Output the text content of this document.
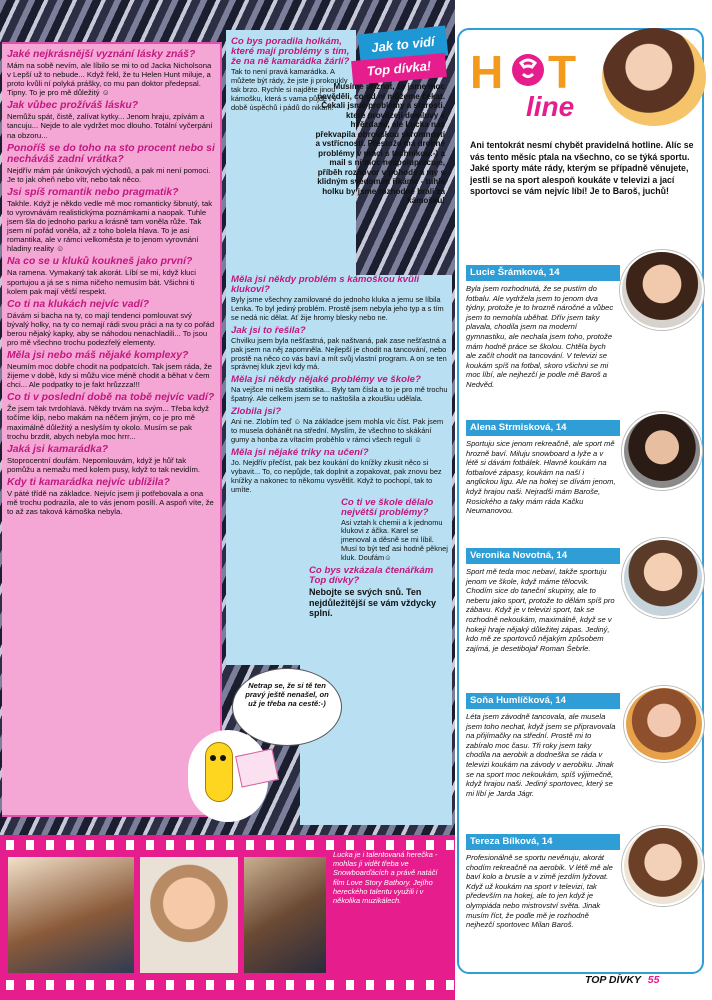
Jaké nejkrásnější vyznání lásky znáš?
Mám na sobě nevím, ale líbilo se mi to od Jacka Nicholsona v Lepší už to nebude... Když řekl, že tu Helen Hunt miluje, a proto kvůli ní polyká prášky, co mu pan doktor předepsal. Tipny. To je pro mě důležitý ☺
Jak vůbec prožíváš lásku?
Nemůžu spát, čistě, zalívat kytky... Jenom hraju, zpívám a tancuju... Nejde to ale vydržet moc dlouho. Totální vyčerpání na obzoru...
Ponoříš se do toho na sto procent nebo si necháváš zadní vrátka?
Nejdřív mám pár únikových východů, a pak mi není pomoci. Je to jak oheň nebo vítr, nebo tak něco.
Jsi spíš romantik nebo pragmatik?
Takhle. Když je někdo vedle mě moc romanticky šibnutý, tak to vyrovnávám realistickýma poznámkami a naopak. Tuhle jsem šla do jednoho parku a krásně tam voněla růže. Tak jsem ní pořád voněla, až z toho bolela hlava. To je asi romantika, ale v rámci velkoměsta je to jenom vyrovnání hladiny reality ☺
Na co se u kluků koukneš jako první?
Na ramena. Vymakaný tak akorát. Líbí se mi, když kluci sportujou a já se s nima ničeho nemusím bát. Všichni ti kolem pak mají větší respekt.
Co ti na klukách nejvíc vadí?
Dávám si bacha na ty, co mají tendenci pomlouvat svý bývalý holky, na ty co nemají rádi svou práci a na ty co pořád berou nějaký kapky, aby se náhodou nenachladili... To jsou pro mě všechno trochu podezřelý elementy.
Měla jsi nebo máš nějaké komplexy?
Neumím moc dobře chodit na podpatcích. Tak jsem ráda, že žijeme v době, kdy si můžu vice méně chodit a běhat v čem chci... Ale podpatky to je fakt hrůzzza!!!
Co ti v poslední době na tobě nejvíc vadí?
Že jsem tak tvrdohlavá. Někdy trvám na svým... Třeba když točíme klip, nebo makám na něčem jiným, co je pro mě maximálně důležitý a neslyším ty okolo. Musím se pak trochu brzdit, abych nebyla moc hrrr...
Jaká jsi kamarádka?
Stoprocentní doufám. Nepomlouvám, když je hůř tak pomůžu a nemažu med kolem pusy, když to tak nevidím.
Kdy ti kamarádka nejvíc ublížila?
V páté třídě na základce. Nejvíc jsem ji potřebovala a ona mě trochu podrazila, ale to vás jenom posílí. A aspoň víte, že to až zas taková kámoška nebyla.
Co bys poradila holkám, které mají problémy s tím, že na ně kamarádka žárlí?
Tak to není pravá kamarádka. A můžete být rády, že jste ji prokoukly tak brzo. Rychle si najděte jinou kámošku, která s vama půjde i v době úspěchů i pádů do nikam.
Měla jsi někdy problém s kámoškou kvůli klukovi?
Byly jsme všechny zamilované do jednoho kluka a jemu se líbila Lenka. To byl jediný problém. Prostě jsem nebyla jeho typ a s tím se nedá nic dělat. Ať žije hromy blesky nebo ne.
Jak jsi to řešila?
Chvilku jsem byla nešťastná, pak naštvaná, pak zase nešťastná a pak jsem na něj zapomněla. Nejlepší je chodit na tancování, nebo prostě na něco co vás baví a mít svůj vlastní program. A on se ten správnej kluk zjeví kdy má.
Měla jsi někdy nějaké problémy ve škole?
Na vejšce mi nešla statistika... Byly tam čísla a to je pro mě trochu špatný. Ale celkem jsem se to naštošila a zkoušku udělala.
Zlobila jsi?
Ani ne. Zlobím teď ☺ Na základce jsem mohla víc číst. Pak jsem to musela dohánět na střední. Myslím, že všechno to skákání gumy a honba za vítacím proběhlo v rámci všech regulí ☺
Měla jsi nějaké triky na učení?
Jo. Nejdřív přečíst, pak bez koukání do knížky zkusit něco si vybavit... To, co nepůjde, tak doplnit a zopakovat, pak znovu bez knížky a nakonec to někomu vysvětlit. Když to pochopí, tak to umíte.
Co ti ve škole dělalo největší problémy?
Asi vztah k chemii a k jednomu klukovi z áčka. Karel se jmenoval a děsně se mi líbil. Musí to být teď asi hodně pěknej kluk. Doufám☺
Co bys vzkázala čtenářkám Top dívky?
Nebojte se svých snů. Ten nejdůležitější se vám vždycky splní.
Jak to vidí
Top dívka!
Musíme přiznat, že jsme moc nevěděli, co od ní můžeme čekat. Čekali jsme problémy a starosti, které provázejí domluvy s hvězdami, ale Lucka nás překvapila obrovskou skromností a vstřícností. Přestože má drobné problémy v práci s technikou:-) a mail s ní moc nespolupracuje, příběh rozhovor v pohodě a my s klidným svědomím říkáme - tuhle holku by jsme rozhodně brali za kámošku!
Netrap se, že si tě ten pravý ještě nenašel, on už je třeba na cestě:-)
Lucka je i talentovaná herečka - mohlas ji vidět třeba ve Snowboarďácích a právě natáčí film Love Story Bathory. Jejího hereckého talentu využili i v několika muzikálech.
H T
line
Ani tentokrát nesmí chybět pravidelná hotline. Alíc se vás tento měsíc ptala na všechno, co se týká sportu. Jaké sporty máte rády, kterým se případně věnujete, jestli se na sport alespoň koukáte v televizi a jací sportovci se vám nejvíc líbí! Je to Baroš, juchů!
Lucie Šrámková, 14
Byla jsem rozhodnutá, že se pustím do fotbalu. Ale vydržela jsem to jenom dva týdny, protože je to hrozně náročné a vůbec jsem to nemohla uběhat. Dřív jsem taky plavala, chodila jsem na moderní gymnastiku, ale nechala jsem toho, protože mám hodně práce se školou. Chtěla bych ale začít chodit na tancování. V televizi se koukám spíš na fotbal, skoro všichni se mi moc líbí, ale nejhezčí je podle mě Baroš a Nedvěd.
Alena Strmisková, 14
Sportuju sice jenom rekreačně, ale sport mě hrozně baví. Miluju snowboard a lyže a v létě si dávám fotbálek. Hlavně koukám na fotbalové zápasy, koukám na naší i anglickou ligu. Ale na hokej se dívám jenom, když hrajou naši. Nejradši mám Baroše, Rosického a taky mám ráda Kačku Neumanovou.
Veronika Novotná, 14
Sport mě teda moc nebaví, takže sportuju jenom ve škole, když máme tělocvik. Chodím sice do taneční skupiny, ale to neberu jako sport, protože to dělám spíš pro zábavu. Když je v televizi sport, tak se rozhodně nekoukám, maximálně, když se v hokeji hraje nějaký důležitej zápas. Jediný, kdo mě ze sportovců nějakým způsobem zajímá, je desetibojař Roman Šebrle.
Soňa Humlíčková, 14
Léta jsem závodně tancovala, ale musela jsem toho nechat, když jsem se připravovala na přijímačky na střední. Prostě mi to zabíralo moc času. Tři roky jsem taky chodila na aerobik a dodneška se ráda v televizi koukám na závody v aerobiku. Jinak se na sport moc nekoukám, spíš výjimečně, když hrajou naši. Jediný sportovec, který se mi líbí je Jarda Jágr.
Tereza Bílková, 14
Profesionálně se sportu nevěnuju, akorát chodím rekreačně na aerobik. V létě mě ale baví kolo a brusle a v zimě jezdím lyžovat. Když už koukám na sport v televizi, tak především na hokej, ale to jen když je olympiáda nebo mistrovství světa. Jinak musím říct, že podle mě je rozhodně nejhezčí sportovec Milan Baroš.
TOP DÍVKY 55
